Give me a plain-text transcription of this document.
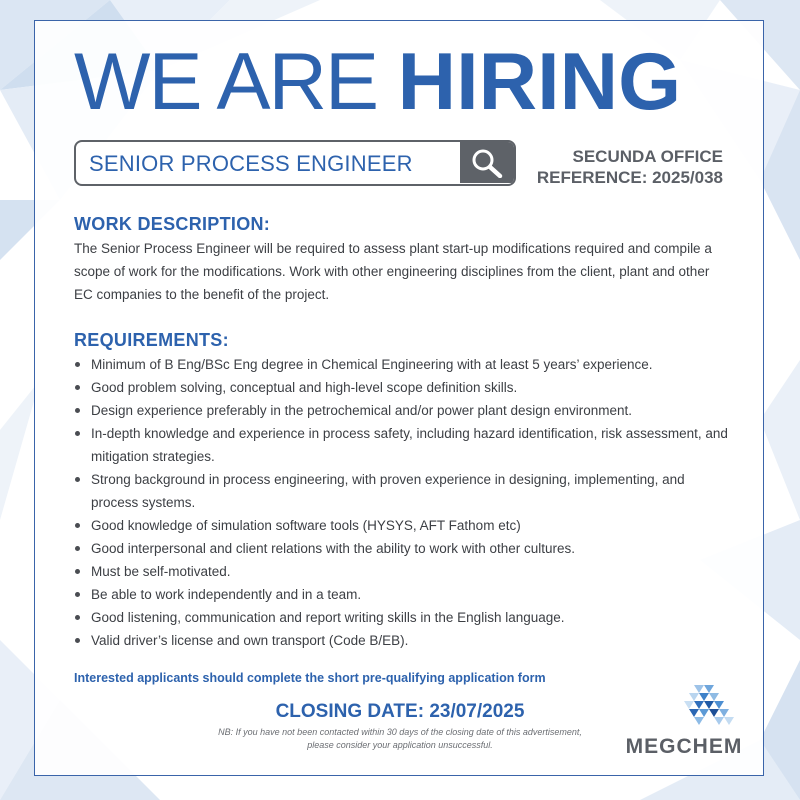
WE ARE HIRING
SENIOR PROCESS ENGINEER	SECUNDA OFFICE
REFERENCE: 2025/038
WORK DESCRIPTION:

The Senior Process Engineer will be required to assess plant start-up modifications required and compile a scope of work for the modifications. Work with other engineering disciplines from the client, plant and other EC companies to the benefit of the project.

REQUIREMENTS:
Minimum of B Eng/BSc Eng degree in Chemical Engineering with at least 5 years’ experience.
Good problem solving, conceptual and high-level scope definition skills.
Design experience preferably in the petrochemical and/or power plant design environment.
In-depth knowledge and experience in process safety, including hazard identification, risk assessment, and mitigation strategies.
Strong background in process engineering, with proven experience in designing, implementing, and process systems.
Good knowledge of simulation software tools (HYSYS, AFT Fathom etc)
Good interpersonal and client relations with the ability to work with other cultures.
Must be self-motivated.
Be able to work independently and in a team.
Good listening, communication and report writing skills in the English language.
Valid driver’s license and own transport (Code B/EB).
Interested applicants should complete the short pre-qualifying application form
CLOSING DATE: 23/07/2025
NB: If you have not been contacted within 30 days of the closing date of this advertisement, please consider your application unsuccessful.	MEGCHEM
